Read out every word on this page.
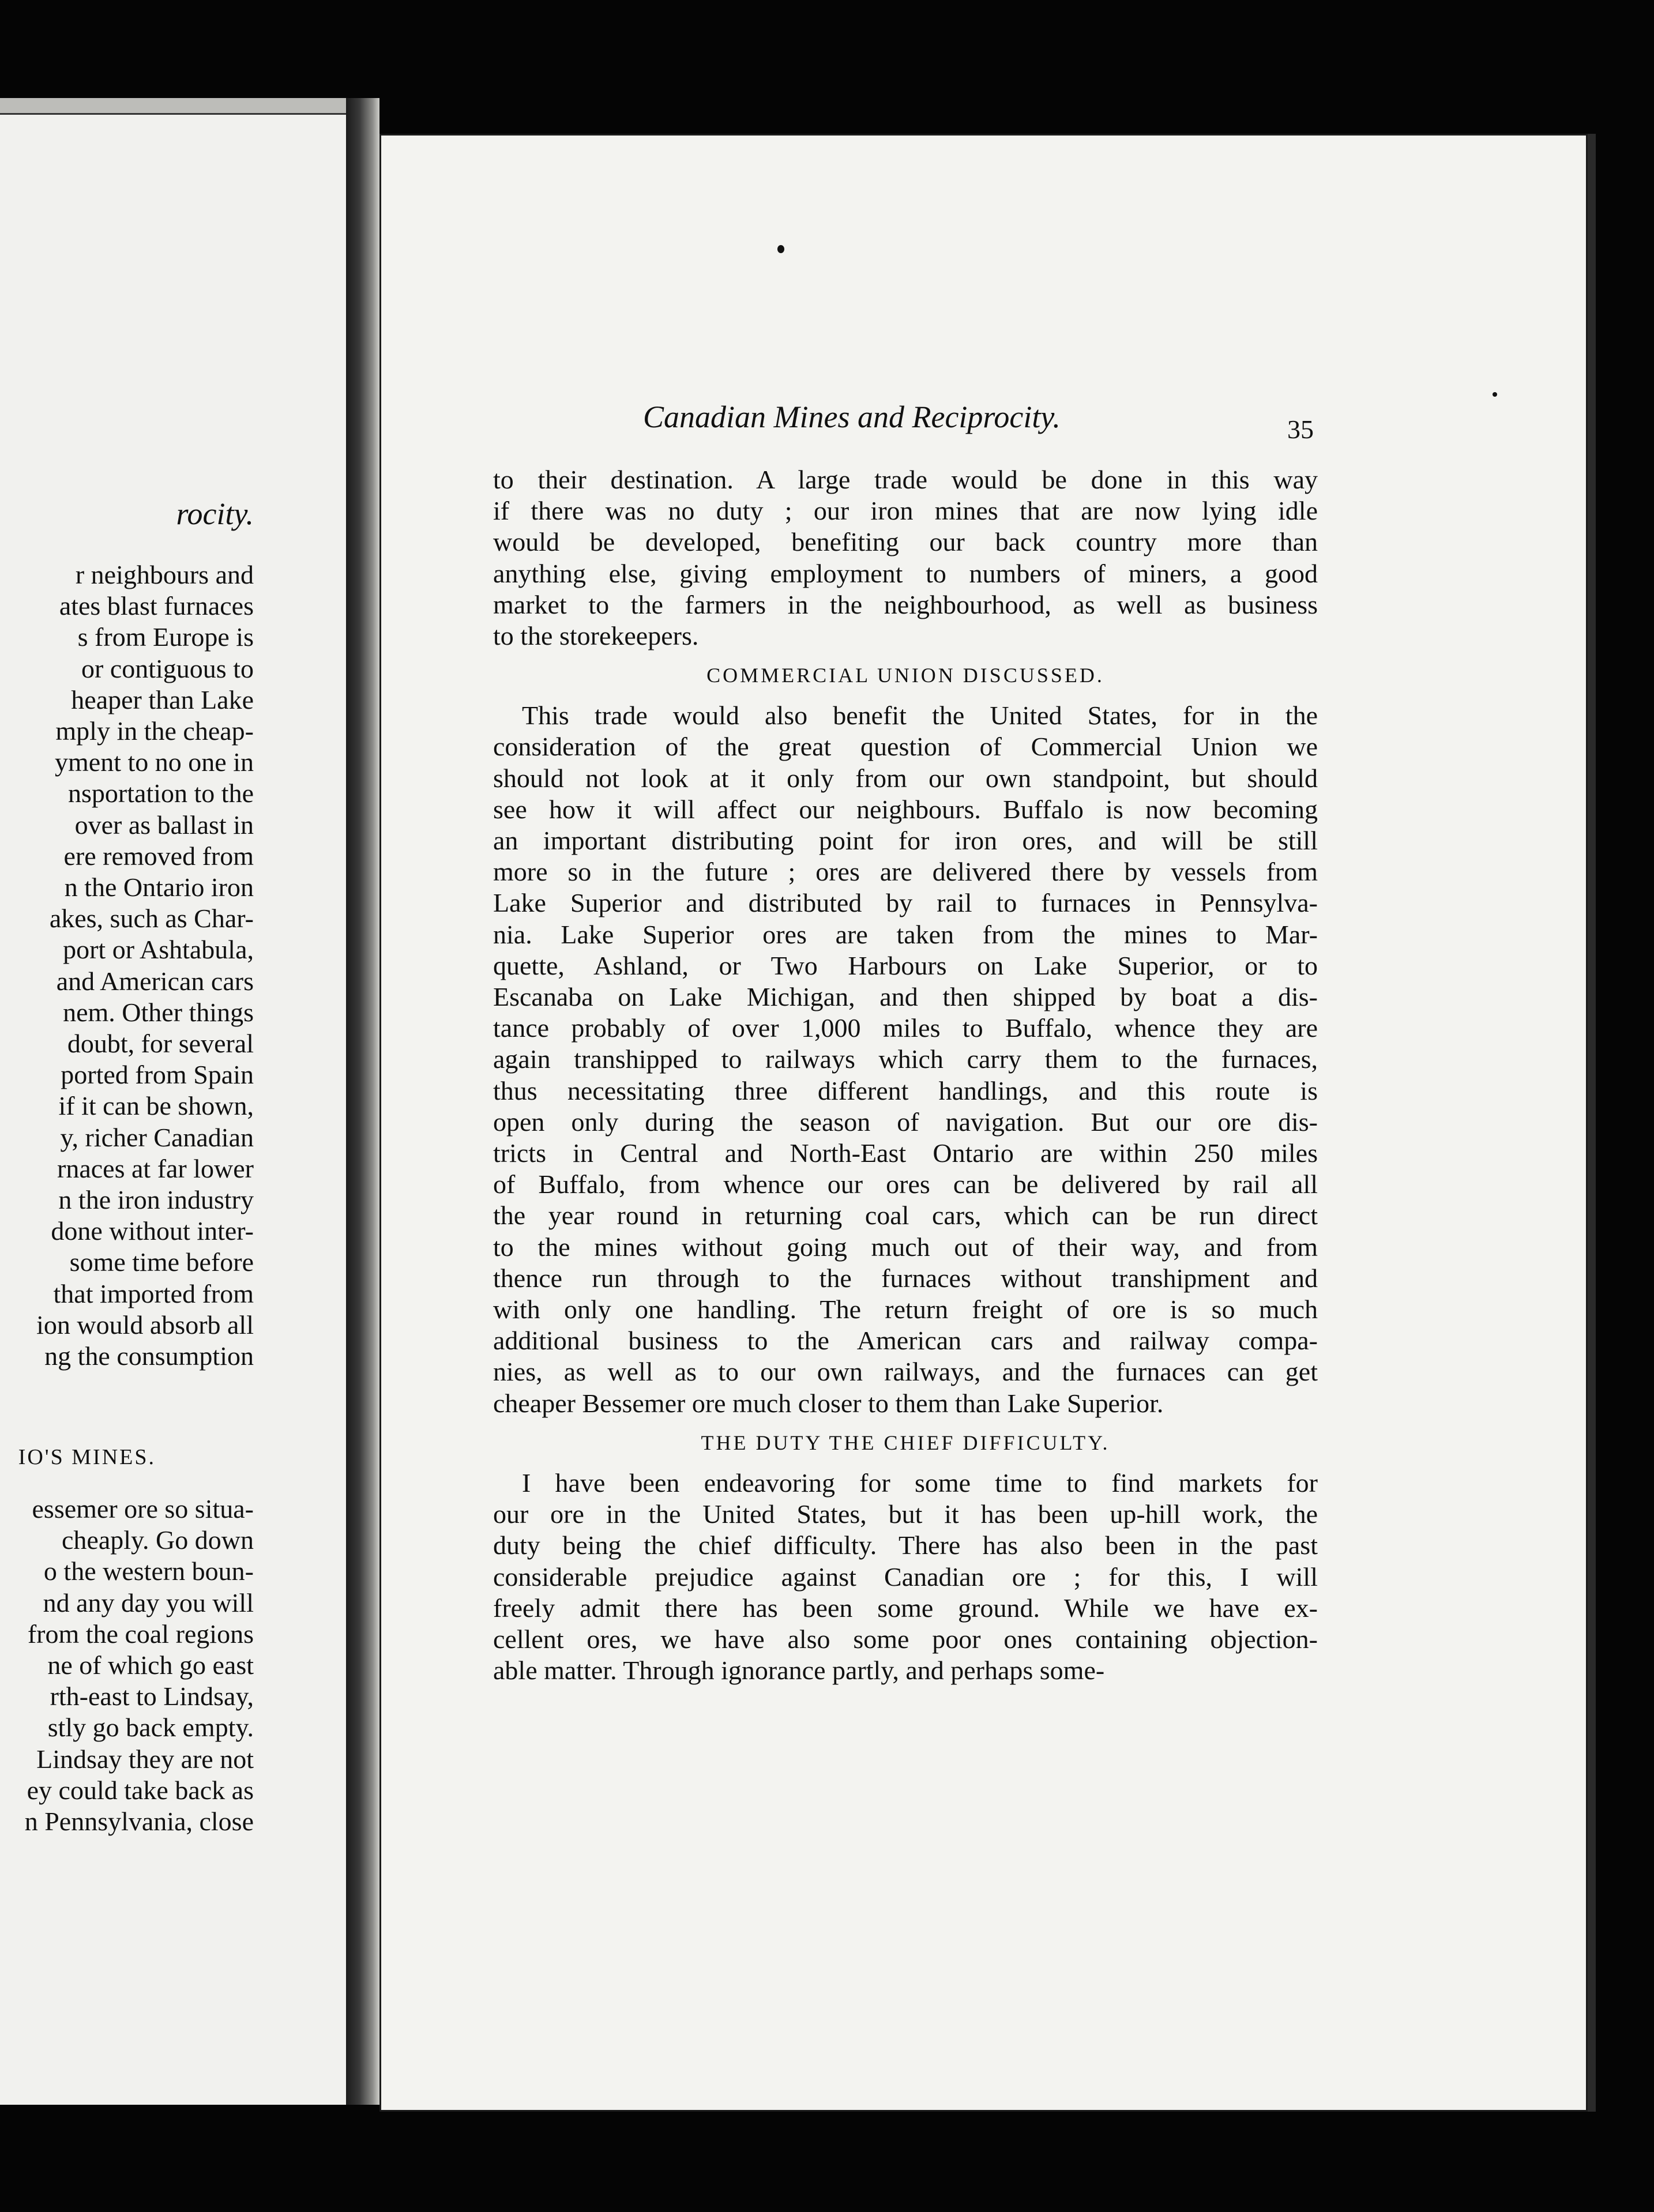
rocity.
r neighbours and
ates blast furnaces
s from Europe is
or contiguous to
heaper than Lake
mply in the cheap-
yment to no one in
nsportation to the
over as ballast in
ere removed from
n the Ontario iron
akes, such as Char-
port or Ashtabula,
and American cars
nem. Other things
doubt, for several
ported from Spain
if it can be shown,
y, richer Canadian
rnaces at far lower
n the iron industry
done without inter-
some time before
that imported from
ion would absorb all
ng the consumption
IO'S MINES.
essemer ore so situa-
cheaply. Go down
o the western boun-
nd any day you will
from the coal regions
ne of which go east
rth-east to Lindsay,
stly go back empty.
Lindsay they are not
ey could take back as
n Pennsylvania, close
Canadian Mines and Reciprocity.	35

to their destination. A large trade would be done in this way
if there was no duty ; our iron mines that are now lying idle
would be developed, benefiting our back country more than
anything else, giving employment to numbers of miners, a good
market to the farmers in the neighbourhood, as well as business
to the storekeepers.

COMMERCIAL UNION DISCUSSED.

This trade would also benefit the United States, for in the
consideration of the great question of Commercial Union we
should not look at it only from our own standpoint, but should
see how it will affect our neighbours. Buffalo is now becoming
an important distributing point for iron ores, and will be still
more so in the future ; ores are delivered there by vessels from
Lake Superior and distributed by rail to furnaces in Pennsylva-
nia. Lake Superior ores are taken from the mines to Mar-
quette, Ashland, or Two Harbours on Lake Superior, or to
Escanaba on Lake Michigan, and then shipped by boat a dis-
tance probably of over 1,000 miles to Buffalo, whence they are
again transhipped to railways which carry them to the furnaces,
thus necessitating three different handlings, and this route is
open only during the season of navigation. But our ore dis-
tricts in Central and North-East Ontario are within 250 miles
of Buffalo, from whence our ores can be delivered by rail all
the year round in returning coal cars, which can be run direct
to the mines without going much out of their way, and from
thence run through to the furnaces without transhipment and
with only one handling. The return freight of ore is so much
additional business to the American cars and railway compa-
nies, as well as to our own railways, and the furnaces can get
cheaper Bessemer ore much closer to them than Lake Superior.

THE DUTY THE CHIEF DIFFICULTY.

I have been endeavoring for some time to find markets for
our ore in the United States, but it has been up-hill work, the
duty being the chief difficulty. There has also been in the past
considerable prejudice against Canadian ore ; for this, I will
freely admit there has been some ground. While we have ex-
cellent ores, we have also some poor ones containing objection-
able matter. Through ignorance partly, and perhaps some-
